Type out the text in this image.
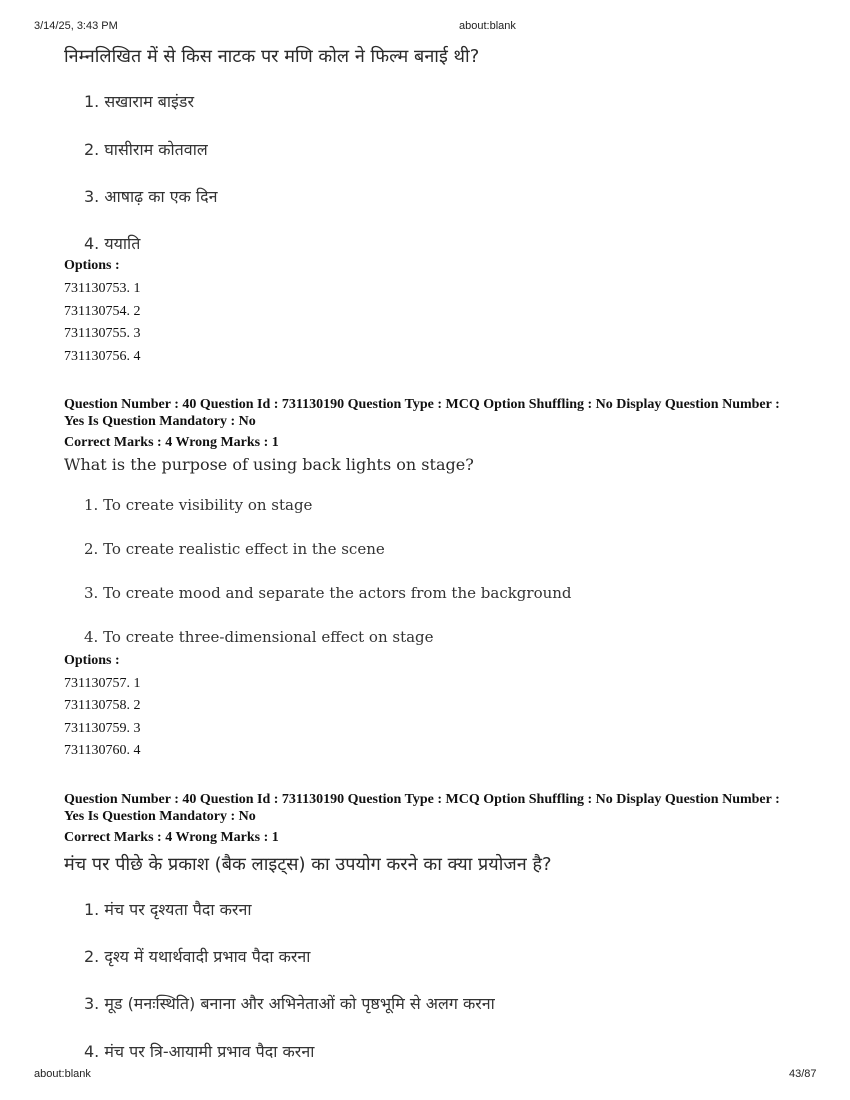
3/14/25, 3:43 PM	about:blank
निम्नलिखित में से किस नाटक पर मणि कोल ने फिल्म बनाई थी?
1. सखाराम बाइंडर
2. घासीराम कोतवाल
3. आषाढ़ का एक दिन
4. ययाति
Options :
731130753. 1
731130754. 2
731130755. 3
731130756. 4
Question Number : 40 Question Id : 731130190 Question Type : MCQ Option Shuffling : No Display Question Number : Yes Is Question Mandatory : No
Correct Marks : 4 Wrong Marks : 1
What is the purpose of using back lights on stage?
1. To create visibility on stage
2. To create realistic effect in the scene
3. To create mood and separate the actors from the background
4. To create three-dimensional effect on stage
Options :
731130757. 1
731130758. 2
731130759. 3
731130760. 4
Question Number : 40 Question Id : 731130190 Question Type : MCQ Option Shuffling : No Display Question Number : Yes Is Question Mandatory : No
Correct Marks : 4 Wrong Marks : 1
मंच पर पीछे के प्रकाश (बैक लाइट्स) का उपयोग करने का क्या प्रयोजन है?
1. मंच पर दृश्यता पैदा करना
2. दृश्य में यथार्थवादी प्रभाव पैदा करना
3. मूड (मनःस्थिति) बनाना और अभिनेताओं को पृष्ठभूमि से अलग करना
4. मंच पर त्रि-आयामी प्रभाव पैदा करना
about:blank	43/87
